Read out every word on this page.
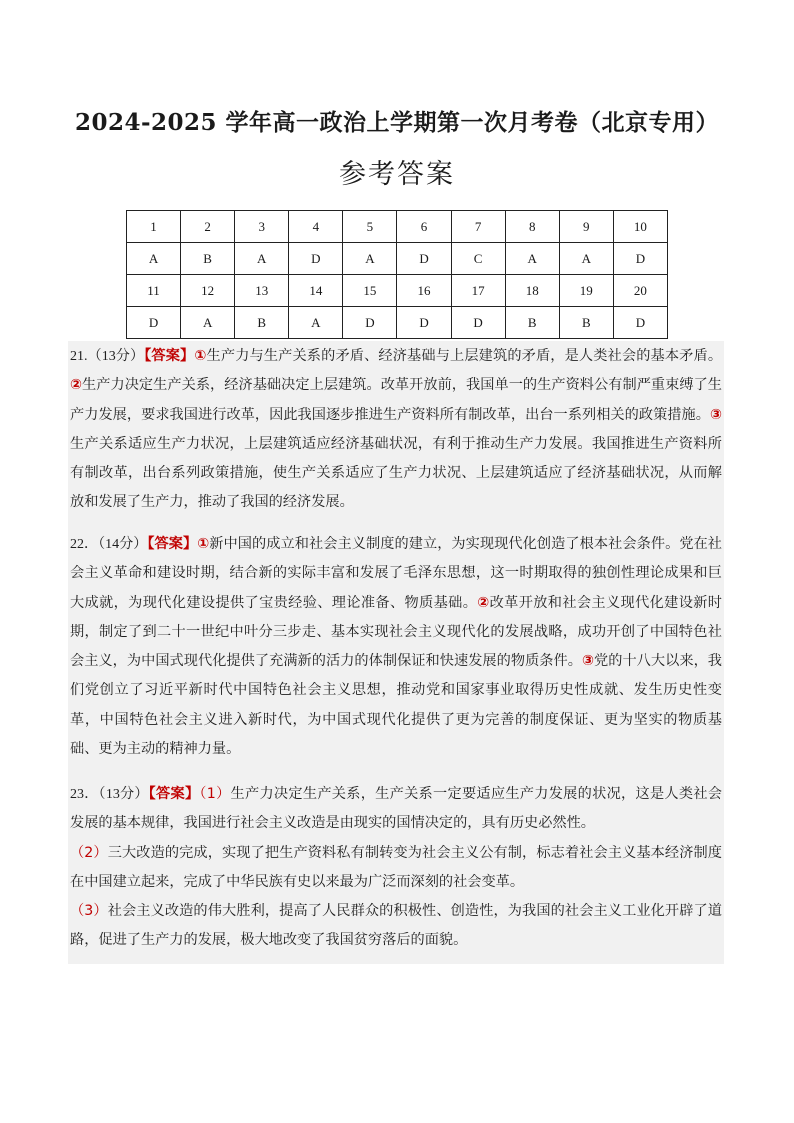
2024-2025 学年高一政治上学期第一次月考卷（北京专用）
参考答案
1	2	3	4	5	6	7	8	9	10
A	B	A	D	A	D	C	A	A	D
11	12	13	14	15	16	17	18	19	20
D	A	B	A	D	D	D	B	B	D
21.（13分）【答案】①生产力与生产关系的矛盾、经济基础与上层建筑的矛盾，是人类社会的基本矛盾。②生产力决定生产关系，经济基础决定上层建筑。改革开放前，我国单一的生产资料公有制严重束缚了生产力发展，要求我国进行改革，因此我国逐步推进生产资料所有制改革，出台一系列相关的政策措施。③生产关系适应生产力状况，上层建筑适应经济基础状况，有利于推动生产力发展。我国推进生产资料所有制改革，出台系列政策措施，使生产关系适应了生产力状况、上层建筑适应了经济基础状况，从而解放和发展了生产力，推动了我国的经济发展。
22．（14分）【答案】①新中国的成立和社会主义制度的建立，为实现现代化创造了根本社会条件。党在社会主义革命和建设时期，结合新的实际丰富和发展了毛泽东思想，这一时期取得的独创性理论成果和巨大成就，为现代化建设提供了宝贵经验、理论准备、物质基础。②改革开放和社会主义现代化建设新时期，制定了到二十一世纪中叶分三步走、基本实现社会主义现代化的发展战略，成功开创了中国特色社会主义，为中国式现代化提供了充满新的活力的体制保证和快速发展的物质条件。③党的十八大以来，我们党创立了习近平新时代中国特色社会主义思想，推动党和国家事业取得历史性成就、发生历史性变革，中国特色社会主义进入新时代，为中国式现代化提供了更为完善的制度保证、更为坚实的物质基础、更为主动的精神力量。
23．（13分）【答案】（1）生产力决定生产关系，生产关系一定要适应生产力发展的状况，这是人类社会发展的基本规律，我国进行社会主义改造是由现实的国情决定的，具有历史必然性。
（2）三大改造的完成，实现了把生产资料私有制转变为社会主义公有制，标志着社会主义基本经济制度在中国建立起来，完成了中华民族有史以来最为广泛而深刻的社会变革。
（3）社会主义改造的伟大胜利，提高了人民群众的积极性、创造性，为我国的社会主义工业化开辟了道路，促进了生产力的发展，极大地改变了我国贫穷落后的面貌。
